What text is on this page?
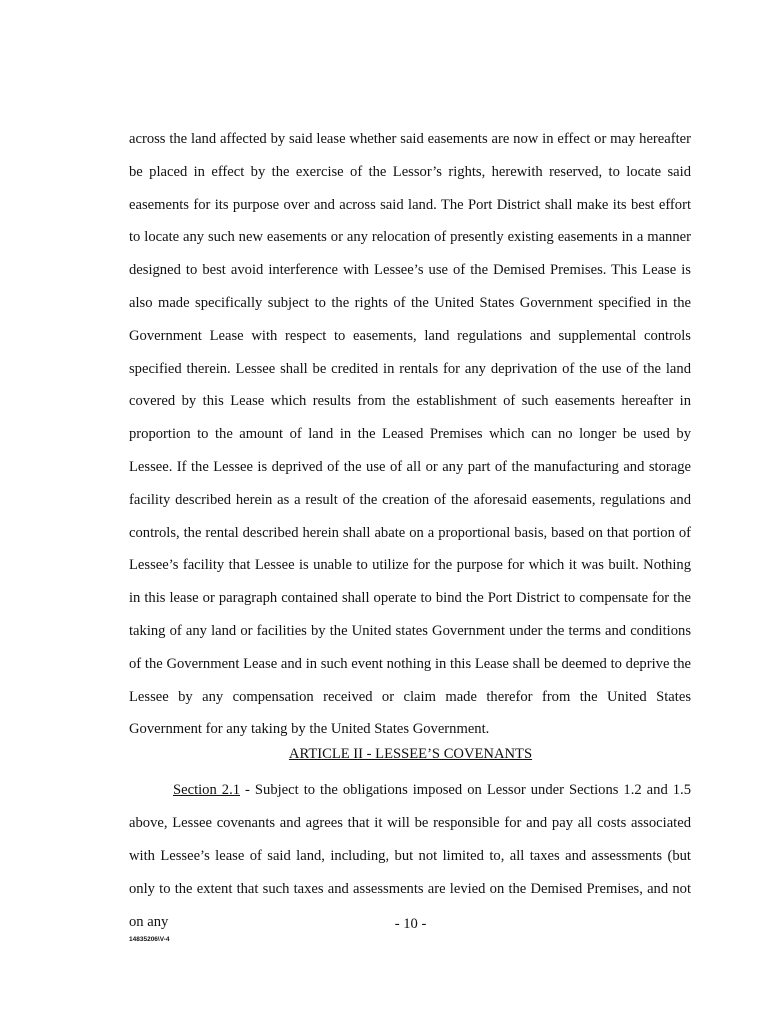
across the land affected by said lease whether said easements are now in effect or may hereafter be placed in effect by the exercise of the Lessor’s rights, herewith reserved, to locate said easements for its purpose over and across said land. The Port District shall make its best effort to locate any such new easements or any relocation of presently existing easements in a manner designed to best avoid interference with Lessee’s use of the Demised Premises. This Lease is also made specifically subject to the rights of the United States Government specified in the Government Lease with respect to easements, land regulations and supplemental controls specified therein. Lessee shall be credited in rentals for any deprivation of the use of the land covered by this Lease which results from the establishment of such easements hereafter in proportion to the amount of land in the Leased Premises which can no longer be used by Lessee. If the Lessee is deprived of the use of all or any part of the manufacturing and storage facility described herein as a result of the creation of the aforesaid easements, regulations and controls, the rental described herein shall abate on a proportional basis, based on that portion of Lessee’s facility that Lessee is unable to utilize for the purpose for which it was built. Nothing in this lease or paragraph contained shall operate to bind the Port District to compensate for the taking of any land or facilities by the United states Government under the terms and conditions of the Government Lease and in such event nothing in this Lease shall be deemed to deprive the Lessee by any compensation received or claim made therefor from the United States Government for any taking by the United States Government.

ARTICLE II - LESSEE’S COVENANTS

Section 2.1 - Subject to the obligations imposed on Lessor under Sections 1.2 and 1.5 above, Lessee covenants and agrees that it will be responsible for and pay all costs associated with Lessee’s lease of said land, including, but not limited to, all taxes and assessments (but only to the extent that such taxes and assessments are levied on the Demised Premises, and not on any	- 10 -
14835206\V-4
